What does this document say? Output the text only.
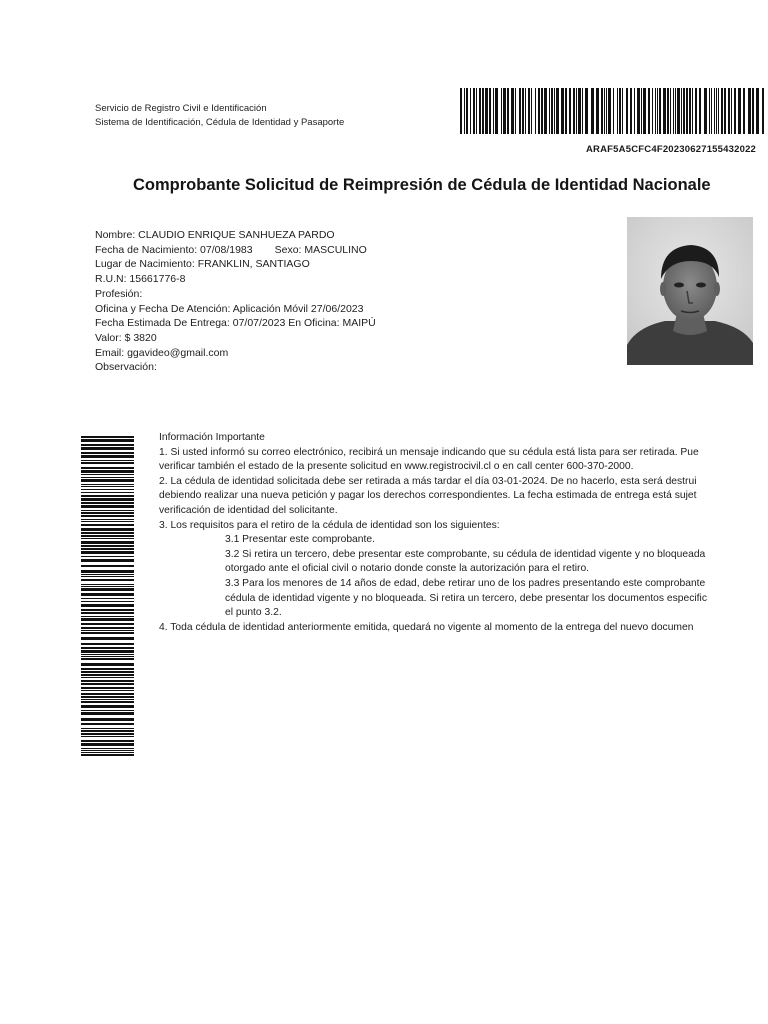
Servicio de Registro Civil e Identificación
Sistema de Identificación, Cédula de Identidad y Pasaporte
ARAF5A5CFC4F20230627155432022
Comprobante Solicitud de Reimpresión de Cédula de Identidad Nacionale
Nombre: CLAUDIO ENRIQUE SANHUEZA PARDO
Fecha de Nacimiento: 07/08/1983 Sexo: MASCULINO
Lugar de Nacimiento: FRANKLIN, SANTIAGO
R.U.N: 15661776-8
Profesión:
Oficina y Fecha De Atención: Aplicación Móvil 27/06/2023
Fecha Estimada De Entrega: 07/07/2023 En Oficina: MAIPÚ
Valor: $ 3820
Email: ggavideo@gmail.com
Observación:
Información Importante
1. Si usted informó su correo electrónico, recibirá un mensaje indicando que su cédula está lista para ser retirada. Pue
verificar también el estado de la presente solicitud en www.registrocivil.cl o en call center 600-370-2000.
2. La cédula de identidad solicitada debe ser retirada a más tardar el día 03-01-2024. De no hacerlo, esta será destrui
debiendo realizar una nueva petición y pagar los derechos correspondientes. La fecha estimada de entrega está sujet
verificación de identidad del solicitante.
3. Los requisitos para el retiro de la cédula de identidad son los siguientes:
3.1 Presentar este comprobante.
3.2 Si retira un tercero, debe presentar este comprobante, su cédula de identidad vigente y no bloqueada
otorgado ante el oficial civil o notario donde conste la autorización para el retiro.
3.3 Para los menores de 14 años de edad, debe retirar uno de los padres presentando este comprobante
cédula de identidad vigente y no bloqueada. Si retira un tercero, debe presentar los documentos especific
el punto 3.2.
4. Toda cédula de identidad anteriormente emitida, quedará no vigente al momento de la entrega del nuevo documen
